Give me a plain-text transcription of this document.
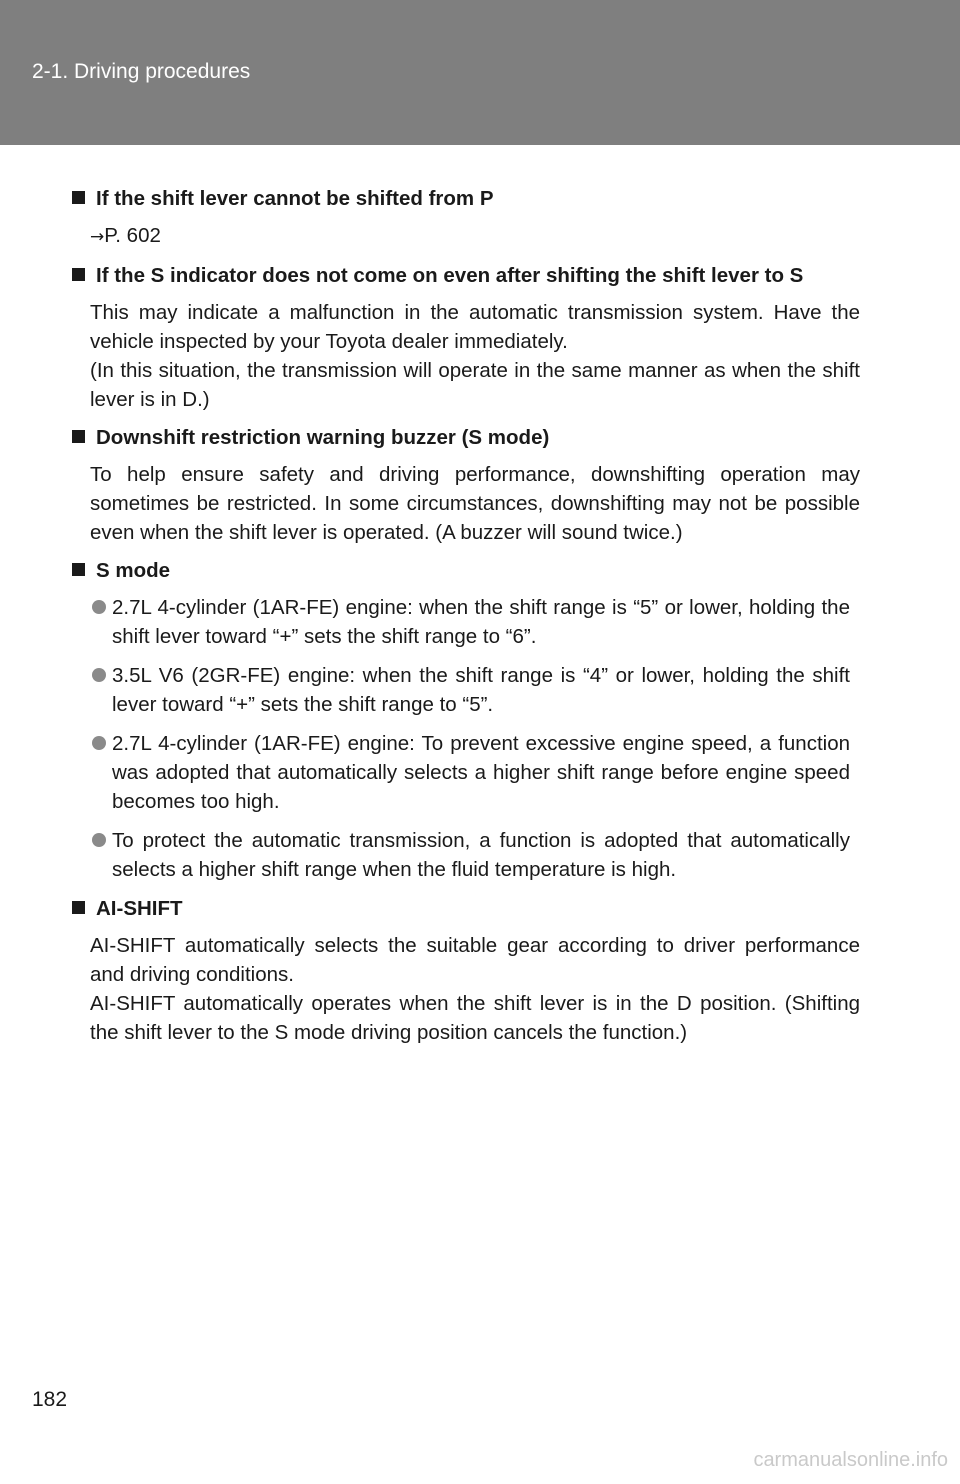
2-1. Driving procedures
If the shift lever cannot be shifted from P
→P. 602
If the S indicator does not come on even after shifting the shift lever to S
This may indicate a malfunction in the automatic transmission system. Have the vehicle inspected by your Toyota dealer immediately.
(In this situation, the transmission will operate in the same manner as when the shift lever is in D.)
Downshift restriction warning buzzer (S mode)
To help ensure safety and driving performance, downshifting operation may sometimes be restricted. In some circumstances, downshifting may not be possible even when the shift lever is operated. (A buzzer will sound twice.)
S mode
2.7L 4-cylinder (1AR-FE) engine: when the shift range is “5” or lower, holding the shift lever toward “+” sets the shift range to “6”.
3.5L V6 (2GR-FE) engine: when the shift range is “4” or lower, holding the shift lever toward “+” sets the shift range to “5”.
2.7L 4-cylinder (1AR-FE) engine: To prevent excessive engine speed, a function was adopted that automatically selects a higher shift range before engine speed becomes too high.
To protect the automatic transmission, a function is adopted that automatically selects a higher shift range when the fluid temperature is high.
AI-SHIFT
AI-SHIFT automatically selects the suitable gear according to driver performance and driving conditions.
AI-SHIFT automatically operates when the shift lever is in the D position. (Shifting the shift lever to the S mode driving position cancels the function.)
182
carmanualsonline.info
